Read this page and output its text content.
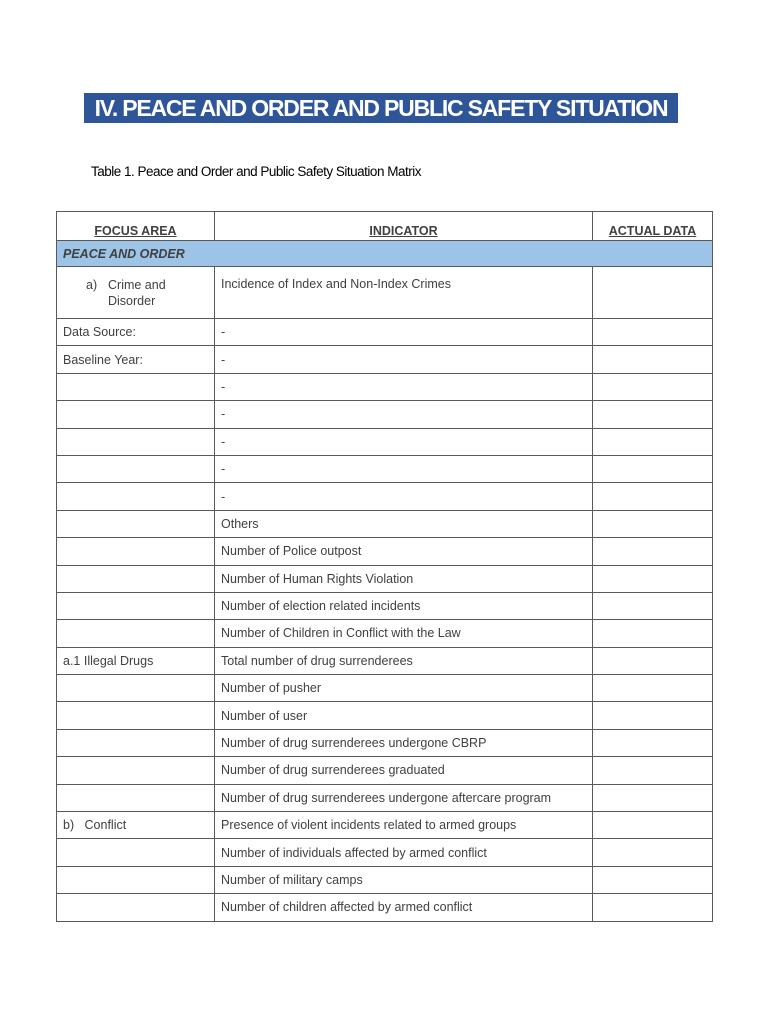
IV. PEACE AND ORDER AND PUBLIC SAFETY SITUATION
Table 1. Peace and Order and Public Safety Situation Matrix
FOCUS AREA	INDICATOR	ACTUAL DATA
PEACE AND ORDER		

a) Crime and Disorder	Incidence of Index and Non-Index Crimes	
Data Source:	-	
Baseline Year:	-	
	-	
	-	
	-	
	-	
	-	
	Others	
	Number of Police outpost	
	Number of Human Rights Violation	
	Number of election related incidents	
	Number of Children in Conflict with the Law	
a.1 Illegal Drugs	Total number of drug surrenderees	
	Number of pusher	
	Number of user	
	Number of drug surrenderees undergone CBRP	
	Number of drug surrenderees graduated	
	Number of drug surrenderees undergone aftercare program	
b)   Conflict	Presence of violent incidents related to armed groups	
	Number of individuals affected by armed conflict	
	Number of military camps	
	Number of children affected by armed conflict	
